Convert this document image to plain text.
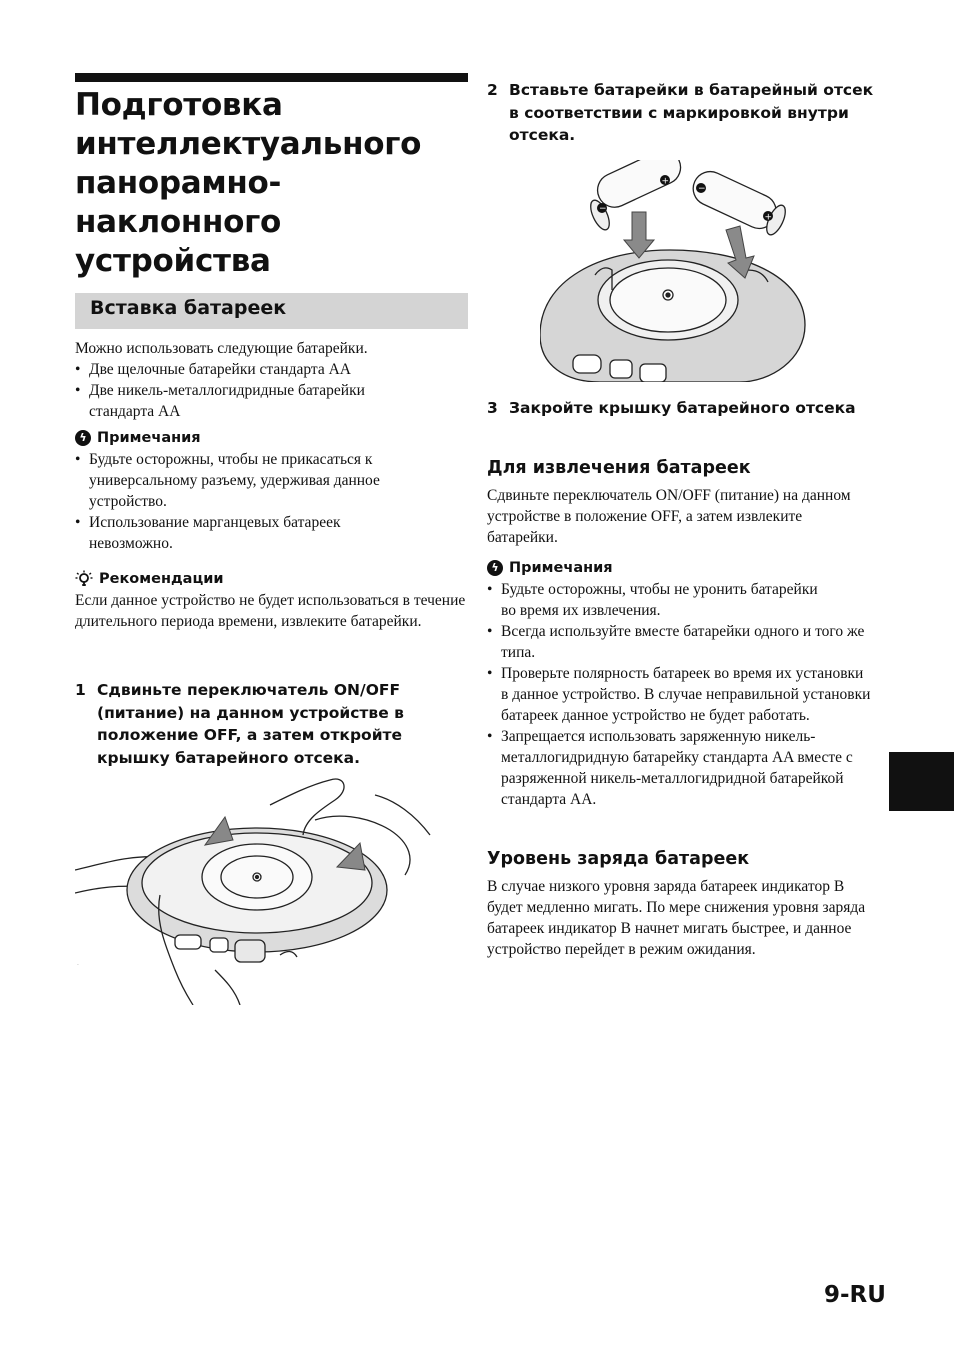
Подготовка
интеллектуального
панорамно-
наклонного
устройства
Вставка батареек

Можно использовать следующие батарейки.

• Две щелочные батарейки стандарта AA
• Две никель-металлогидридные батарейки стандарта AA
ϟ Примечания
• Будьте осторожны, чтобы не прикасаться к универсальному разъему, удерживая данное устройство.
• Использование марганцевых батареек невозможно.
Рекомендации

Если данное устройство не будет использоваться в течение длительного периода времени, извлеките батарейки.

1 Сдвиньте переключатель ON/OFF (питание) на данном устройстве в положение OFF, а затем откройте крышку батарейного отсека.
.
2 Вставьте батарейки в батарейный отсек в соответствии с маркировкой внутри отсека.
+
−
−
+
3 Закройте крышку батарейного отсека
Для извлечения батареек

Сдвиньте переключатель ON/OFF (питание) на данном устройстве в положение OFF, а затем извлеките батарейки.

ϟ Примечания
• Будьте осторожны, чтобы не уронить батарейки во время их извлечения.
• Всегда используйте вместе батарейки одного и того же типа.
• Проверьте полярность батареек во время их установки в данное устройство. В случае неправильной установки батареек данное устройство не будет работать.
• Запрещается использовать заряженную никель-металлогидридную батарейку стандарта AA вместе с разряженной никель-металлогидридной батарейкой стандарта AA.
Уровень заряда батареек

В случае низкого уровня заряда батареек индикатор B будет медленно мигать. По мере снижения уровня заряда батареек индикатор B начнет мигать быстрее, и данное устройство перейдет в режим ожидания.

9-RU
